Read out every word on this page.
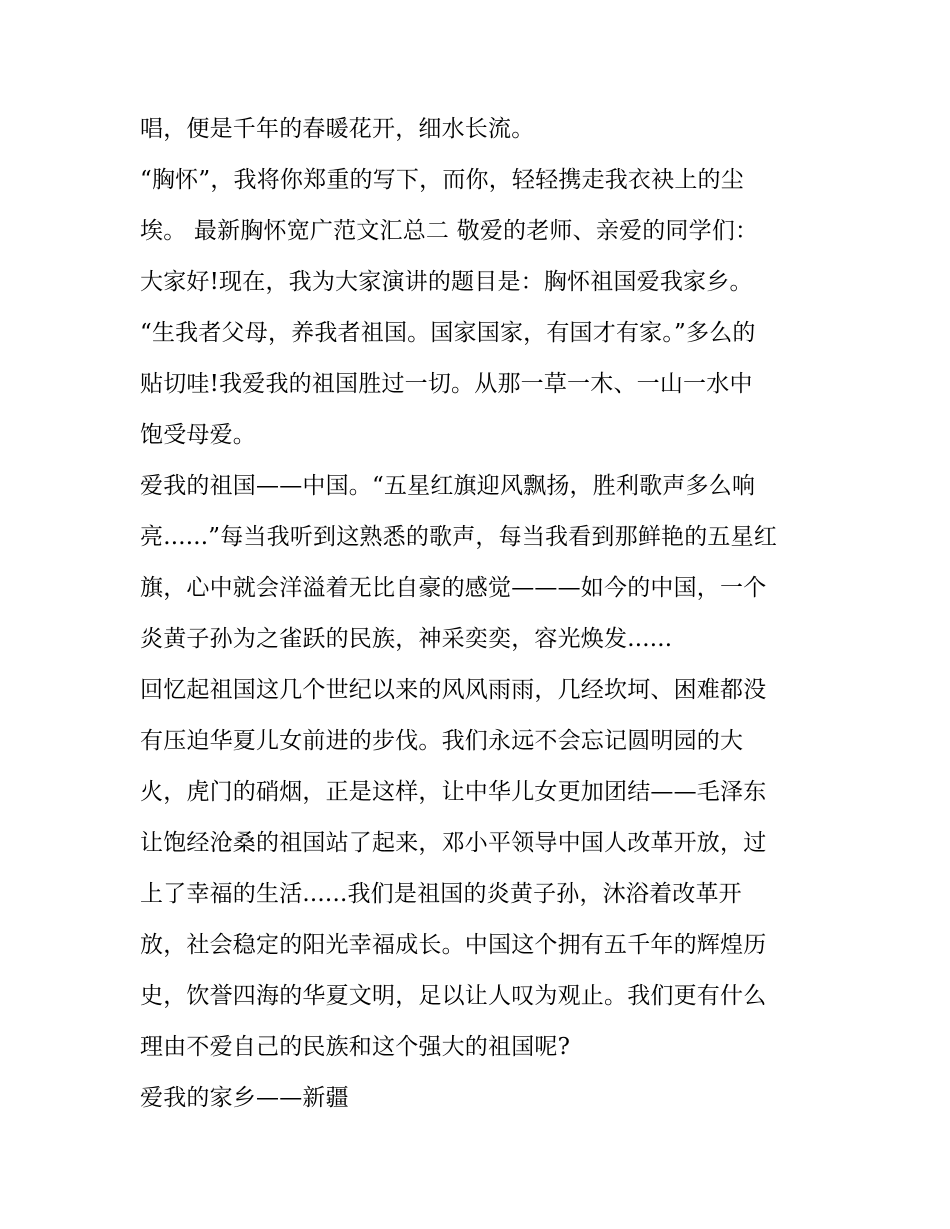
唱，便是千年的春暖花开，细水长流。
“胸怀”，我将你郑重的写下，而你，轻轻携走我衣袂上的尘
埃。 最新胸怀宽广范文汇总二 敬爱的老师、亲爱的同学们：
大家好!现在，我为大家演讲的题目是：胸怀祖国爱我家乡。
“生我者父母，养我者祖国。国家国家，有国才有家。”多么的
贴切哇!我爱我的祖国胜过一切。从那一草一木、一山一水中
饱受母爱。
爱我的祖国——中国。“五星红旗迎风飘扬，胜利歌声多么响
亮......”每当我听到这熟悉的歌声，每当我看到那鲜艳的五星红
旗，心中就会洋溢着无比自豪的感觉———如今的中国，一个
炎黄子孙为之雀跃的民族，神采奕奕，容光焕发......
回忆起祖国这几个世纪以来的风风雨雨，几经坎坷、困难都没
有压迫华夏儿女前进的步伐。我们永远不会忘记圆明园的大
火，虎门的硝烟，正是这样，让中华儿女更加团结——毛泽东
让饱经沧桑的祖国站了起来，邓小平领导中国人改革开放，过
上了幸福的生活......我们是祖国的炎黄子孙，沐浴着改革开
放，社会稳定的阳光幸福成长。中国这个拥有五千年的辉煌历
史，饮誉四海的华夏文明，足以让人叹为观止。我们更有什么
理由不爱自己的民族和这个强大的祖国呢?
爱我的家乡——新疆
